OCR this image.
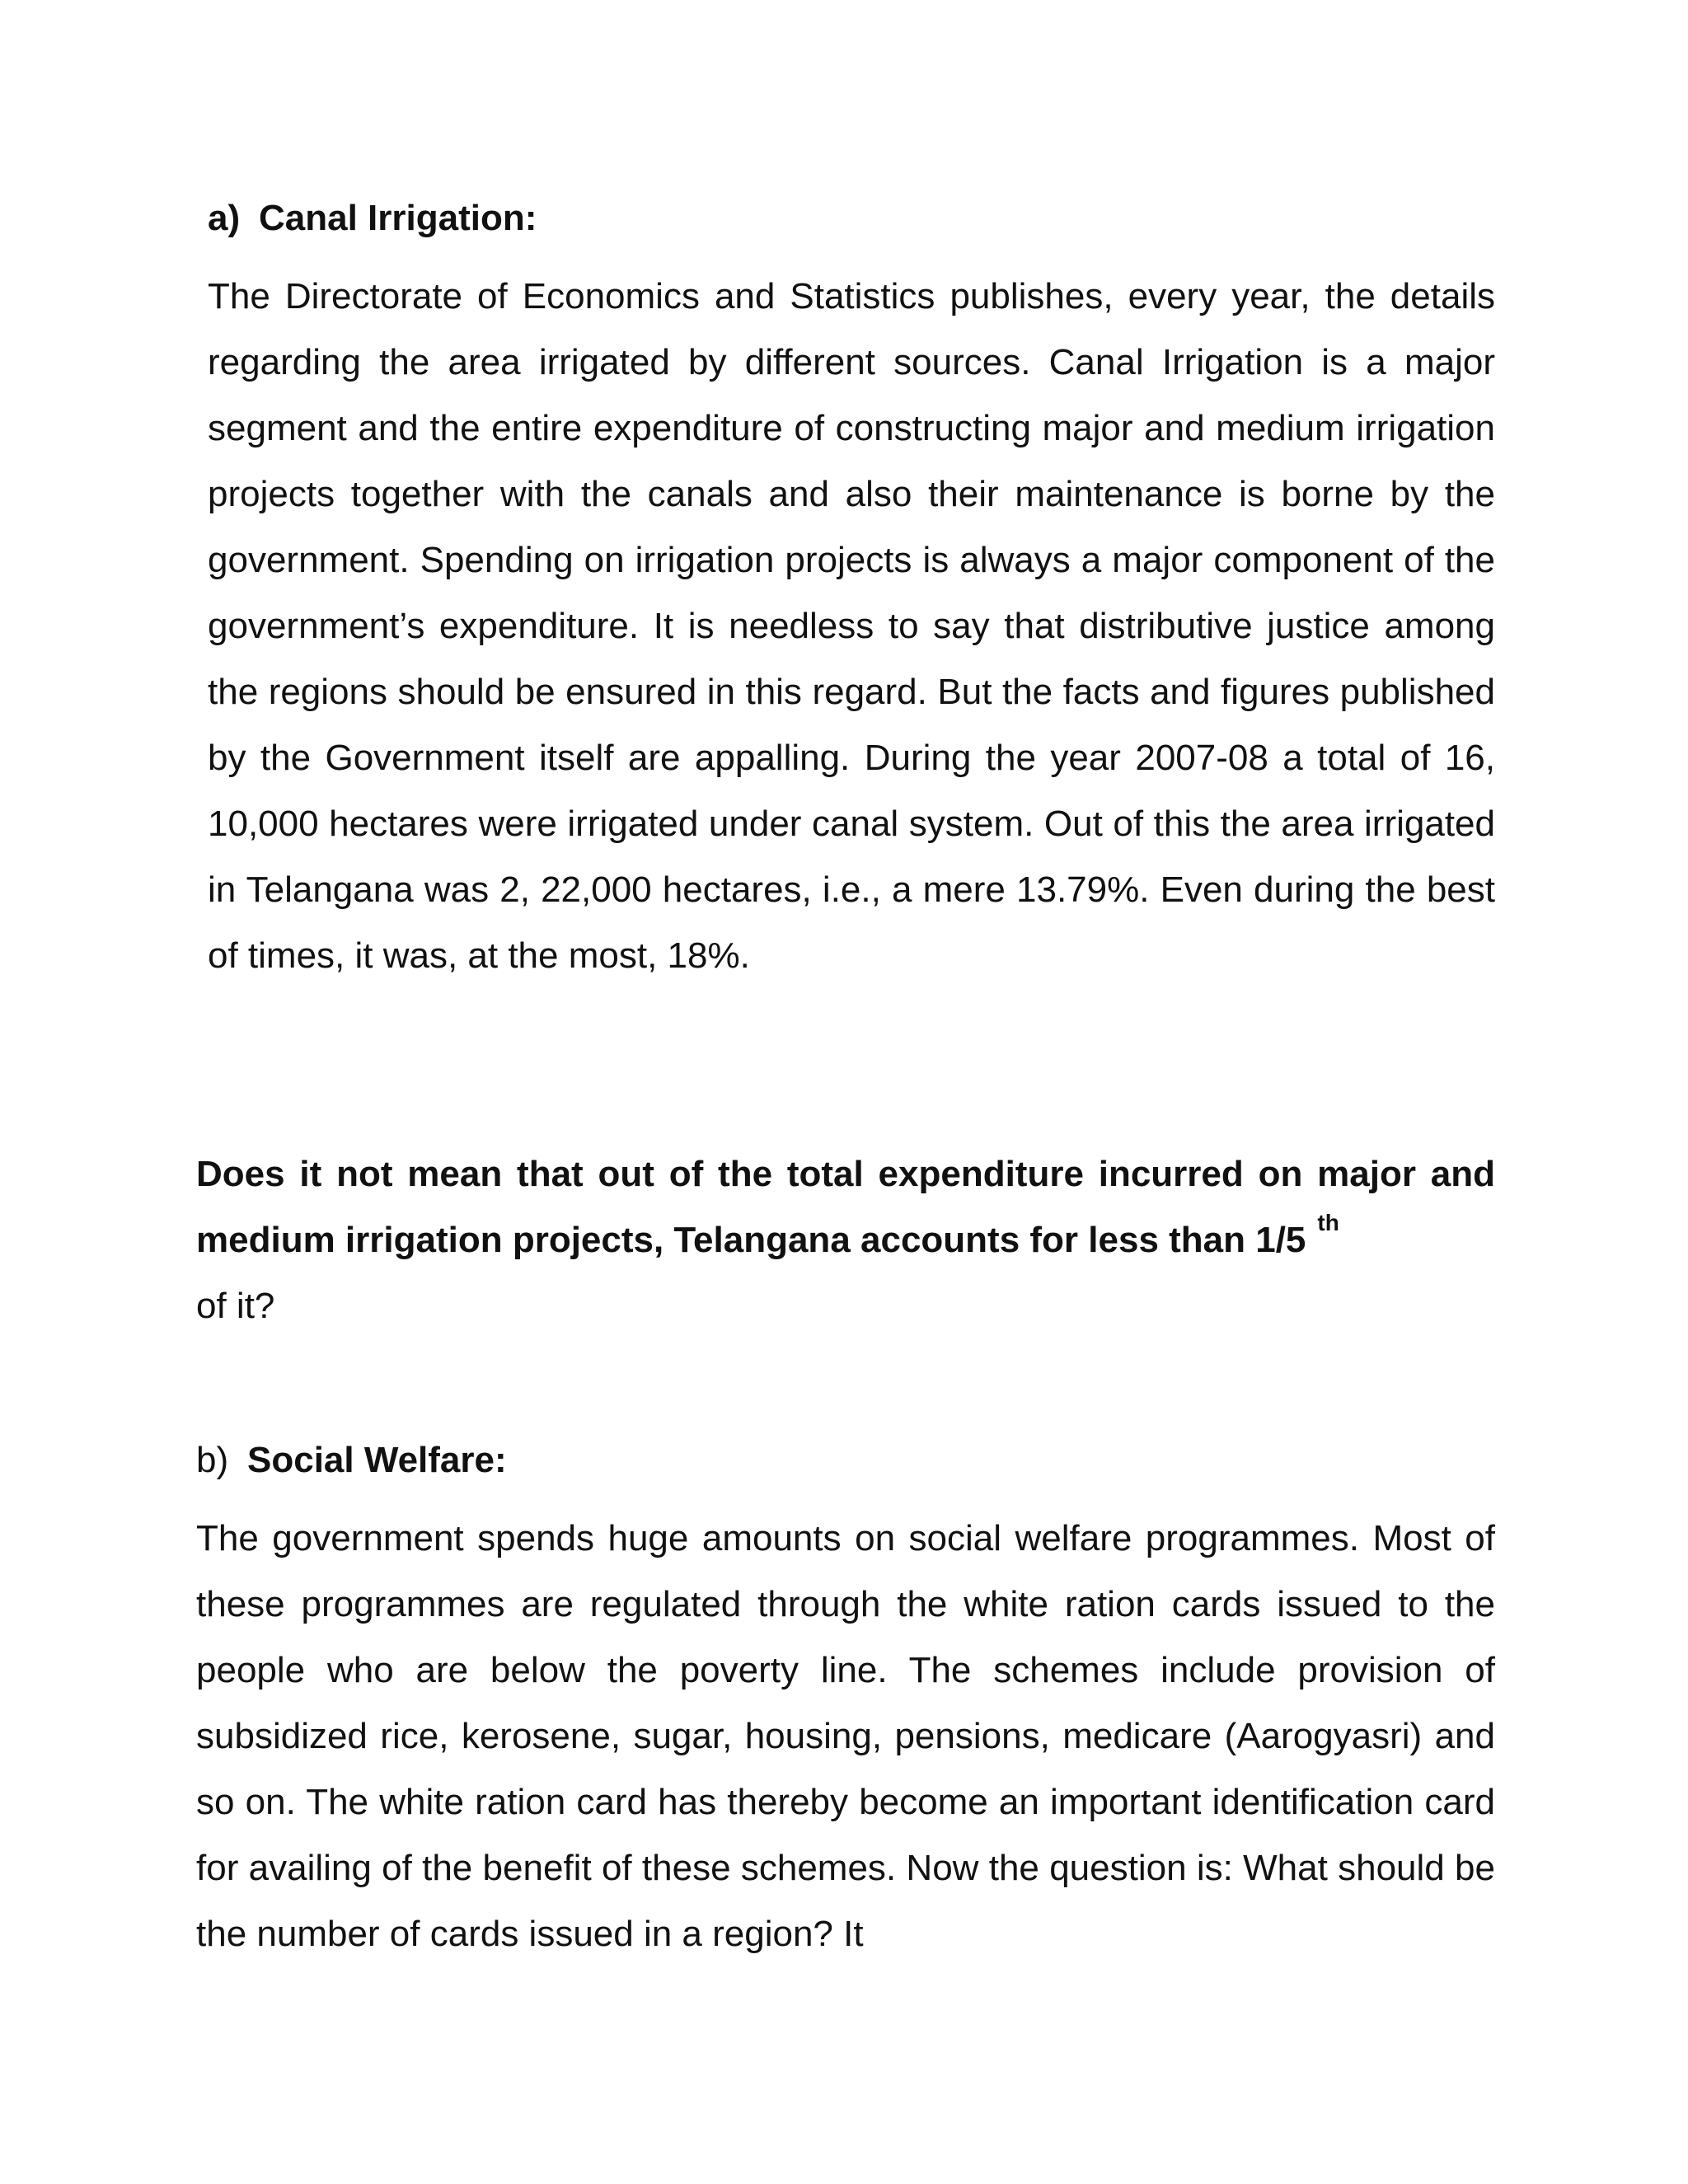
a) Canal Irrigation:

The Directorate of Economics and Statistics publishes, every year, the details regarding the area irrigated by different sources. Canal Irrigation is a major segment and the entire expenditure of constructing major and medium irrigation projects together with the canals and also their maintenance is borne by the government. Spending on irrigation projects is always a major component of the government’s expenditure. It is needless to say that distributive justice among the regions should be ensured in this regard. But the facts and figures published by the Government itself are appalling. During the year 2007-08 a total of 16, 10,000 hectares were irrigated under canal system. Out of this the area irrigated in Telangana was 2, 22,000 hectares, i.e., a mere 13.79%. Even during the best of times, it was, at the most, 18%.

Does it not mean that out of the total expenditure incurred on major and medium irrigation projects, Telangana accounts for less than 1/5 $^{th}$
of it?

b) Social Welfare:

The government spends huge amounts on social welfare programmes. Most of these programmes are regulated through the white ration cards issued to the people who are below the poverty line. The schemes include provision of subsidized rice, kerosene, sugar, housing, pensions, medicare (Aarogyasri) and so on. The white ration card has thereby become an important identification card for availing of the benefit of these schemes. Now the question is: What should be the number of cards issued in a region? It
